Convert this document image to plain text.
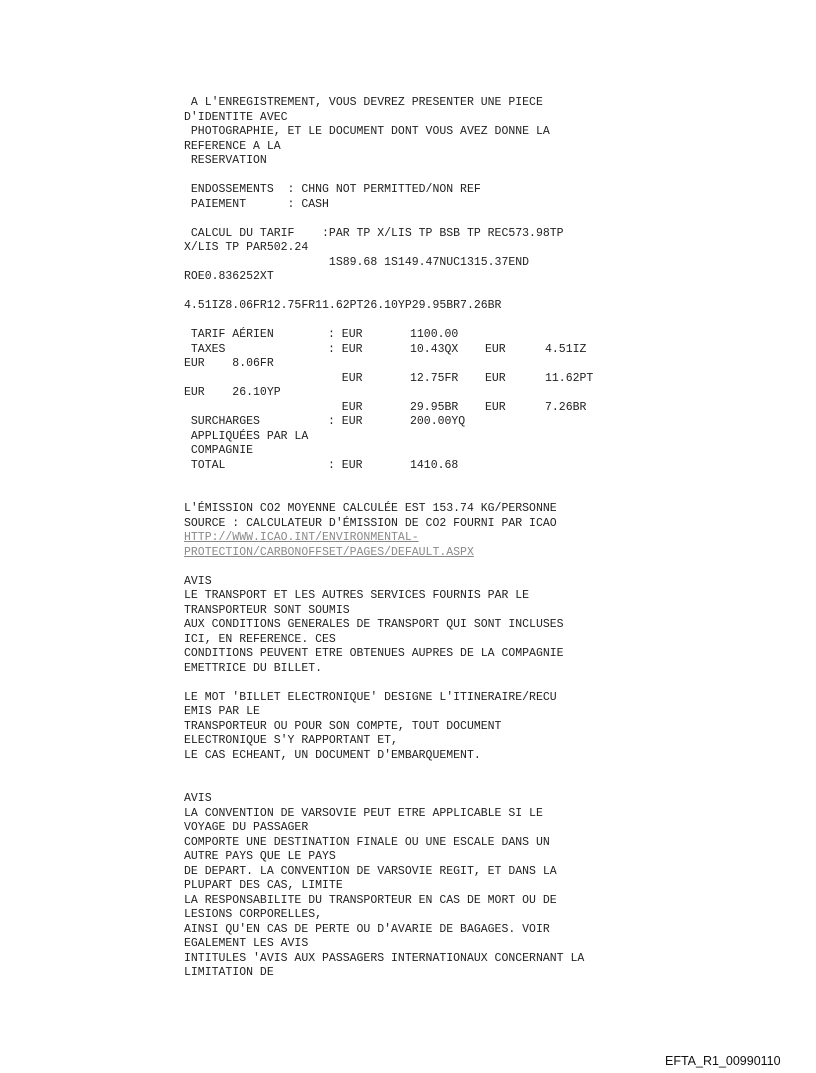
A L'ENREGISTREMENT, VOUS DEVREZ PRESENTER UNE PIECE
D'IDENTITE AVEC
PHOTOGRAPHIE, ET LE DOCUMENT DONT VOUS AVEZ DONNE LA
REFERENCE A LA
RESERVATION
ENDOSSEMENTS  : CHNG NOT PERMITTED/NON REF
PAIEMENT      : CASH
CALCUL DU TARIF    :PAR TP X/LIS TP BSB TP REC573.98TP
X/LIS TP PAR502.24
1S89.68 1S149.47NUC1315.37END
ROE0.836252XT
4.51IZ8.06FR12.75FR11.62PT26.10YP29.95BR7.26BR
TARIF AÉRIEN	: EUR	1100.00		
TAXES	: EUR	10.43QX	EUR	4.51IZ
EUR    8.06FR				
	EUR	12.75FR	EUR	11.62PT
EUR    26.10YP				
	EUR	29.95BR	EUR	7.26BR
SURCHARGES	: EUR	200.00YQ		
APPLIQUÉES PAR LA				
COMPAGNIE				
TOTAL	: EUR	1410.68		
L'ÉMISSION CO2 MOYENNE CALCULÉE EST 153.74 KG/PERSONNE
SOURCE : CALCULATEUR D'ÉMISSION DE CO2 FOURNI PAR ICAO
HTTP://WWW.ICAO.INT/ENVIRONMENTAL-
PROTECTION/CARBONOFFSET/PAGES/DEFAULT.ASPX
AVIS
LE TRANSPORT ET LES AUTRES SERVICES FOURNIS PAR LE
TRANSPORTEUR SONT SOUMIS
AUX CONDITIONS GENERALES DE TRANSPORT QUI SONT INCLUSES
ICI, EN REFERENCE. CES
CONDITIONS PEUVENT ETRE OBTENUES AUPRES DE LA COMPAGNIE
EMETTRICE DU BILLET.
LE MOT 'BILLET ELECTRONIQUE' DESIGNE L'ITINERAIRE/RECU
EMIS PAR LE
TRANSPORTEUR OU POUR SON COMPTE, TOUT DOCUMENT
ELECTRONIQUE S'Y RAPPORTANT ET,
LE CAS ECHEANT, UN DOCUMENT D'EMBARQUEMENT.
AVIS
LA CONVENTION DE VARSOVIE PEUT ETRE APPLICABLE SI LE
VOYAGE DU PASSAGER
COMPORTE UNE DESTINATION FINALE OU UNE ESCALE DANS UN
AUTRE PAYS QUE LE PAYS
DE DEPART. LA CONVENTION DE VARSOVIE REGIT, ET DANS LA
PLUPART DES CAS, LIMITE
LA RESPONSABILITE DU TRANSPORTEUR EN CAS DE MORT OU DE
LESIONS CORPORELLES,
AINSI QU'EN CAS DE PERTE OU D'AVARIE DE BAGAGES. VOIR
EGALEMENT LES AVIS
INTITULES 'AVIS AUX PASSAGERS INTERNATIONAUX CONCERNANT LA
LIMITATION DE
EFTA_R1_00990110
